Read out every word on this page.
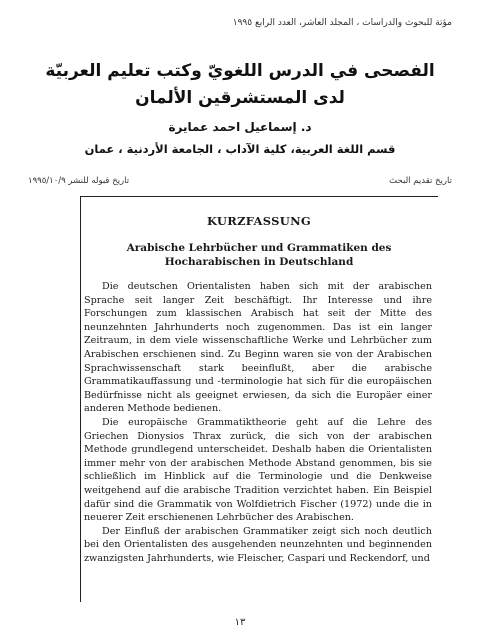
مؤتة للبحوث والدراسات ، المجلد العاشر، العدد الرابع ١٩٩٥
الفصحى في الدرس اللغويّ وكتب تعليم العربيّة
لدى المستشرقين الألمان
د. إسماعيل احمد عمايرة
قسم اللغة العربية، كلية الآداب ، الجامعة الأردنية ، عمان
تاريخ تقديم البحث
تاريخ قبوله للنشر ١٩٩٥/١٠/٩
KURZFASSUNG
Arabische Lehrbücher und Grammatiken des Hocharabischen in Deutschland

Die deutschen Orientalisten haben sich mit der arabischen Sprache seit langer Zeit beschäftigt. Ihr Interesse und ihre Forschungen zum klassischen Arabisch hat seit der Mitte des neunzehnten Jahrhunderts noch zugenommen. Das ist ein langer Zeitraum, in dem viele wissenschaftliche Werke und Lehrbücher zum Arabischen erschienen sind. Zu Beginn waren sie von der Arabischen Sprachwissenschaft stark beeinflußt, aber die arabische Grammatikauffassung und -terminologie hat sich für die europäischen Bedürfnisse nicht als geeignet erwiesen, da sich die Europäer einer anderen Methode bedienen.

Die europäische Grammatiktheorie geht auf die Lehre des Griechen Dionysios Thrax zurück, die sich von der arabischen Methode grundlegend unterscheidet. Deshalb haben die Orientalisten immer mehr von der arabischen Methode Abstand genommen, bis sie schließlich im Hinblick auf die Terminologie und die Denkweise weitgehend auf die arabische Tradition verzichtet haben. Ein Beispiel dafür sind die Grammatik von Wolfdietrich Fischer (1972) unde die in neuerer Zeit erschienenen Lehrbücher des Arabischen.

Der Einfluß der arabischen Grammatiker zeigt sich noch deutlich bei den Orientalisten des ausgehenden neunzehnten und beginnenden zwanzigsten Jahrhunderts, wie Fleischer, Caspari und Reckendorf, und

١٣
